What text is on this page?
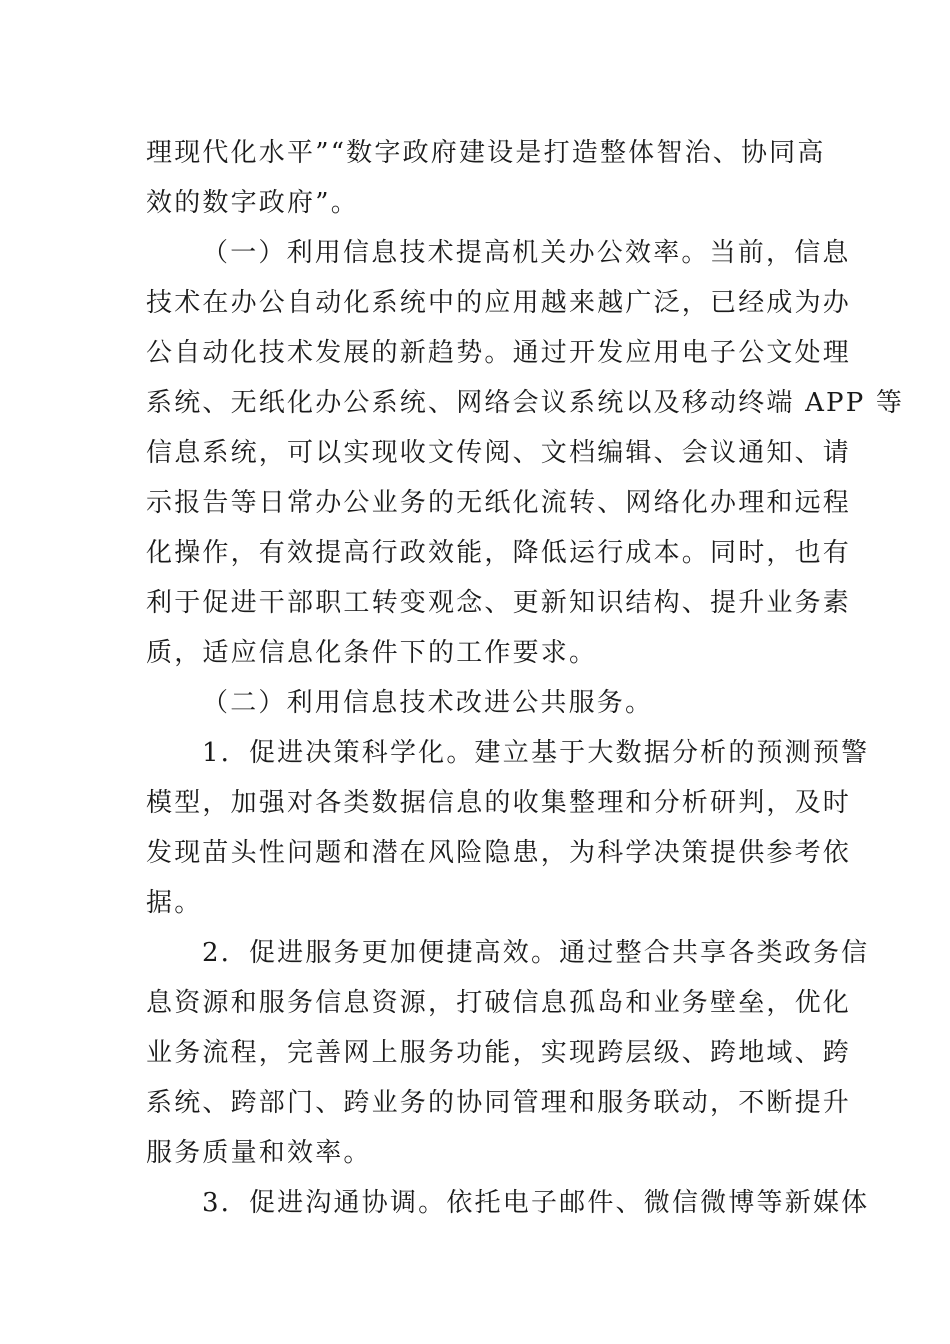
理现代化水平”“数字政府建设是打造整体智治、协同高
效的数字政府”。
（一）利用信息技术提高机关办公效率。当前，信息
技术在办公自动化系统中的应用越来越广泛，已经成为办
公自动化技术发展的新趋势。通过开发应用电子公文处理
系统、无纸化办公系统、网络会议系统以及移动终端 APP 等
信息系统，可以实现收文传阅、文档编辑、会议通知、请
示报告等日常办公业务的无纸化流转、网络化办理和远程
化操作，有效提高行政效能，降低运行成本。同时，也有
利于促进干部职工转变观念、更新知识结构、提升业务素
质，适应信息化条件下的工作要求。
（二）利用信息技术改进公共服务。
1．促进决策科学化。建立基于大数据分析的预测预警
模型，加强对各类数据信息的收集整理和分析研判，及时
发现苗头性问题和潜在风险隐患，为科学决策提供参考依
据。
2．促进服务更加便捷高效。通过整合共享各类政务信
息资源和服务信息资源，打破信息孤岛和业务壁垒，优化
业务流程，完善网上服务功能，实现跨层级、跨地域、跨
系统、跨部门、跨业务的协同管理和服务联动，不断提升
服务质量和效率。
3．促进沟通协调。依托电子邮件、微信微博等新媒体
